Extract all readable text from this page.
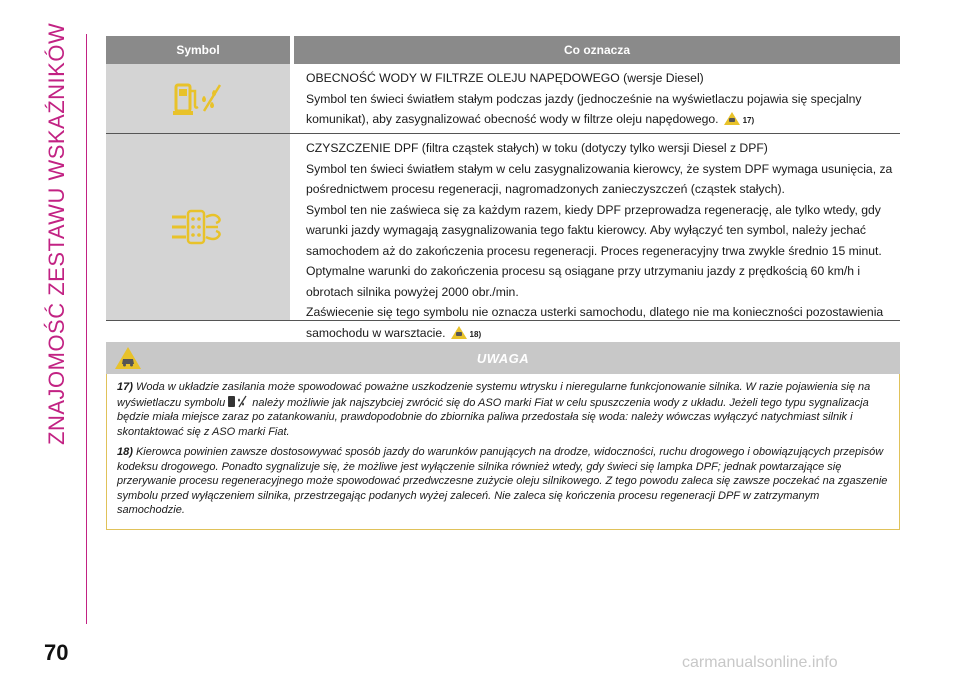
ZNAJOMOŚĆ ZESTAWU WSKAŹNIKÓW	Symbol	Co oznacza

OBECNOŚĆ WODY W FILTRZE OLEJU NAPĘDOWEGO (wersje Diesel)

Symbol ten świeci światłem stałym podczas jazdy (jednocześnie na wyświetlaczu pojawia się specjalny komunikat), aby zasygnalizować obecność wody w filtrze oleju napędowego.	17)

CZYSZCZENIE DPF (filtra cząstek stałych) w toku (dotyczy tylko wersji Diesel z DPF)

Symbol ten świeci światłem stałym w celu zasygnalizowania kierowcy, że system DPF wymaga usunięcia, za pośrednictwem procesu regeneracji, nagromadzonych zanieczyszczeń (cząstek stałych).

Symbol ten nie zaświeca się za każdym razem, kiedy DPF przeprowadza regenerację, ale tylko wtedy, gdy warunki jazdy wymagają zasygnalizowania tego faktu kierowcy. Aby wyłączyć ten symbol, należy jechać samochodem aż do zakończenia procesu regeneracji. Proces regeneracyjny trwa zwykle średnio 15 minut.

Optymalne warunki do zakończenia procesu są osiągane przy utrzymaniu jazdy z prędkością 60 km/h i obrotach silnika powyżej 2000 obr./min.

Zaświecenie się tego symbolu nie oznacza usterki samochodu, dlatego nie ma konieczności pozostawienia samochodu w warsztacie.	18)

UWAGA

17) Woda w układzie zasilania może spowodować poważne uszkodzenie systemu wtrysku i nieregularne funkcjonowanie silnika. W razie pojawienia się na wyświetlaczu symbolu należy możliwie jak najszybciej zwrócić się do ASO marki Fiat w celu spuszczenia wody z układu. Jeżeli tego typu sygnalizacja będzie miała miejsce zaraz po zatankowaniu, prawdopodobnie do zbiornika paliwa przedostała się woda: należy wówczas wyłączyć natychmiast silnik i skontaktować się z ASO marki Fiat.

18) Kierowca powinien zawsze dostosowywać sposób jazdy do warunków panujących na drodze, widoczności, ruchu drogowego i obowiązujących przepisów kodeksu drogowego. Ponadto sygnalizuje się, że możliwe jest wyłączenie silnika również wtedy, gdy świeci się lampka DPF; jednak powtarzające się przerywanie procesu regeneracyjnego może spowodować przedwczesne zużycie oleju silnikowego. Z tego powodu zaleca się zawsze poczekać na zgaszenie symbolu przed wyłączeniem silnika, przestrzegając podanych wyżej zaleceń. Nie zaleca się kończenia procesu regeneracji DPF w zatrzymanym samochodzie.

70	carmanualsonline.info
